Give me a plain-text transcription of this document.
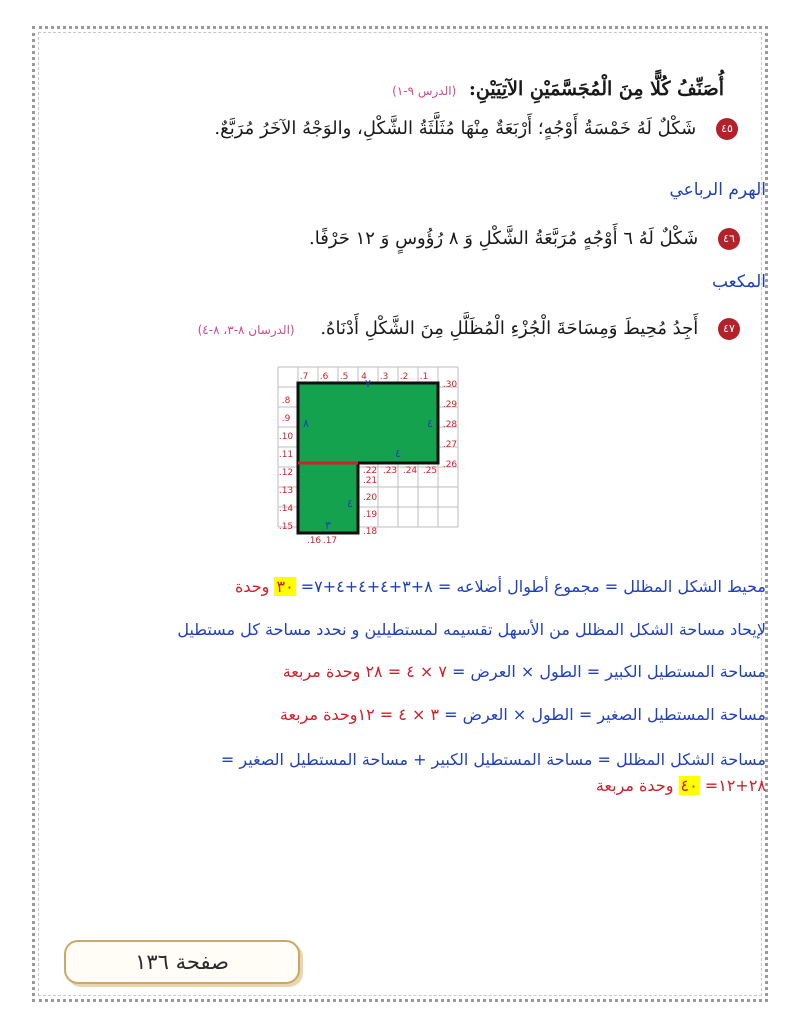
أُصَنِّفُ كُلًّا مِنَ الْمُجَسَّمَيْنِ الآتِيَيْنِ: (الدرس ٩-١)
٤٥ شَكْلٌ لَهُ خَمْسَةُ أَوْجُهٍ؛ أَرْبَعَةٌ مِنْهَا مُثَلَّثَةُ الشَّكْلِ، والوَجْهُ الآخَرُ مُرَبَّعٌ.
الهرم الرباعي
٤٦ شَكْلٌ لَهُ ٦ أَوْجُهٍ مُرَبَّعَةُ الشَّكْلِ وَ ٨ رُؤُوسٍ وَ ١٢ حَرْفًا.
المكعب
٤٧ أَجِدُ مُحِيطَ وَمِسَاحَةَ الْجُزْءِ الْمُظَلَّلِ مِنَ الشَّكْلِ أَدْنَاهُ. (الدرسان ٨-٣، ٨-٤)
٧
٨	٤
٤
٤
٣
.7 .6 .5 4 .3 .2 .1
.30
.29
.28
.27
.26
.25
.24
.23
.22
.21
.20
.19
.18
.17
.16
.15
.14
.13
.12
.11
.10
.9
.8
محيط الشكل المظلل = مجموع أطوال أضلاعه = ٨+٣+٤+٤+٤+٧= ٣٠ وحدة
لإيحاد مساحة الشكل المظلل من الأسهل تقسيمه لمستطيلين و نحدد مساحة كل مستطيل
مساحة المستطيل الكبير = الطول × العرض = ٧ × ٤ = ٢٨ وحدة مربعة
مساحة المستطيل الصغير = الطول × العرض = ٣ × ٤ = ١٢وحدة مربعة
مساحة الشكل المظلل = مساحة المستطيل الكبير + مساحة المستطيل الصغير =
٢٨+١٢= ٤٠ وحدة مربعة
صفحة ١٣٦
